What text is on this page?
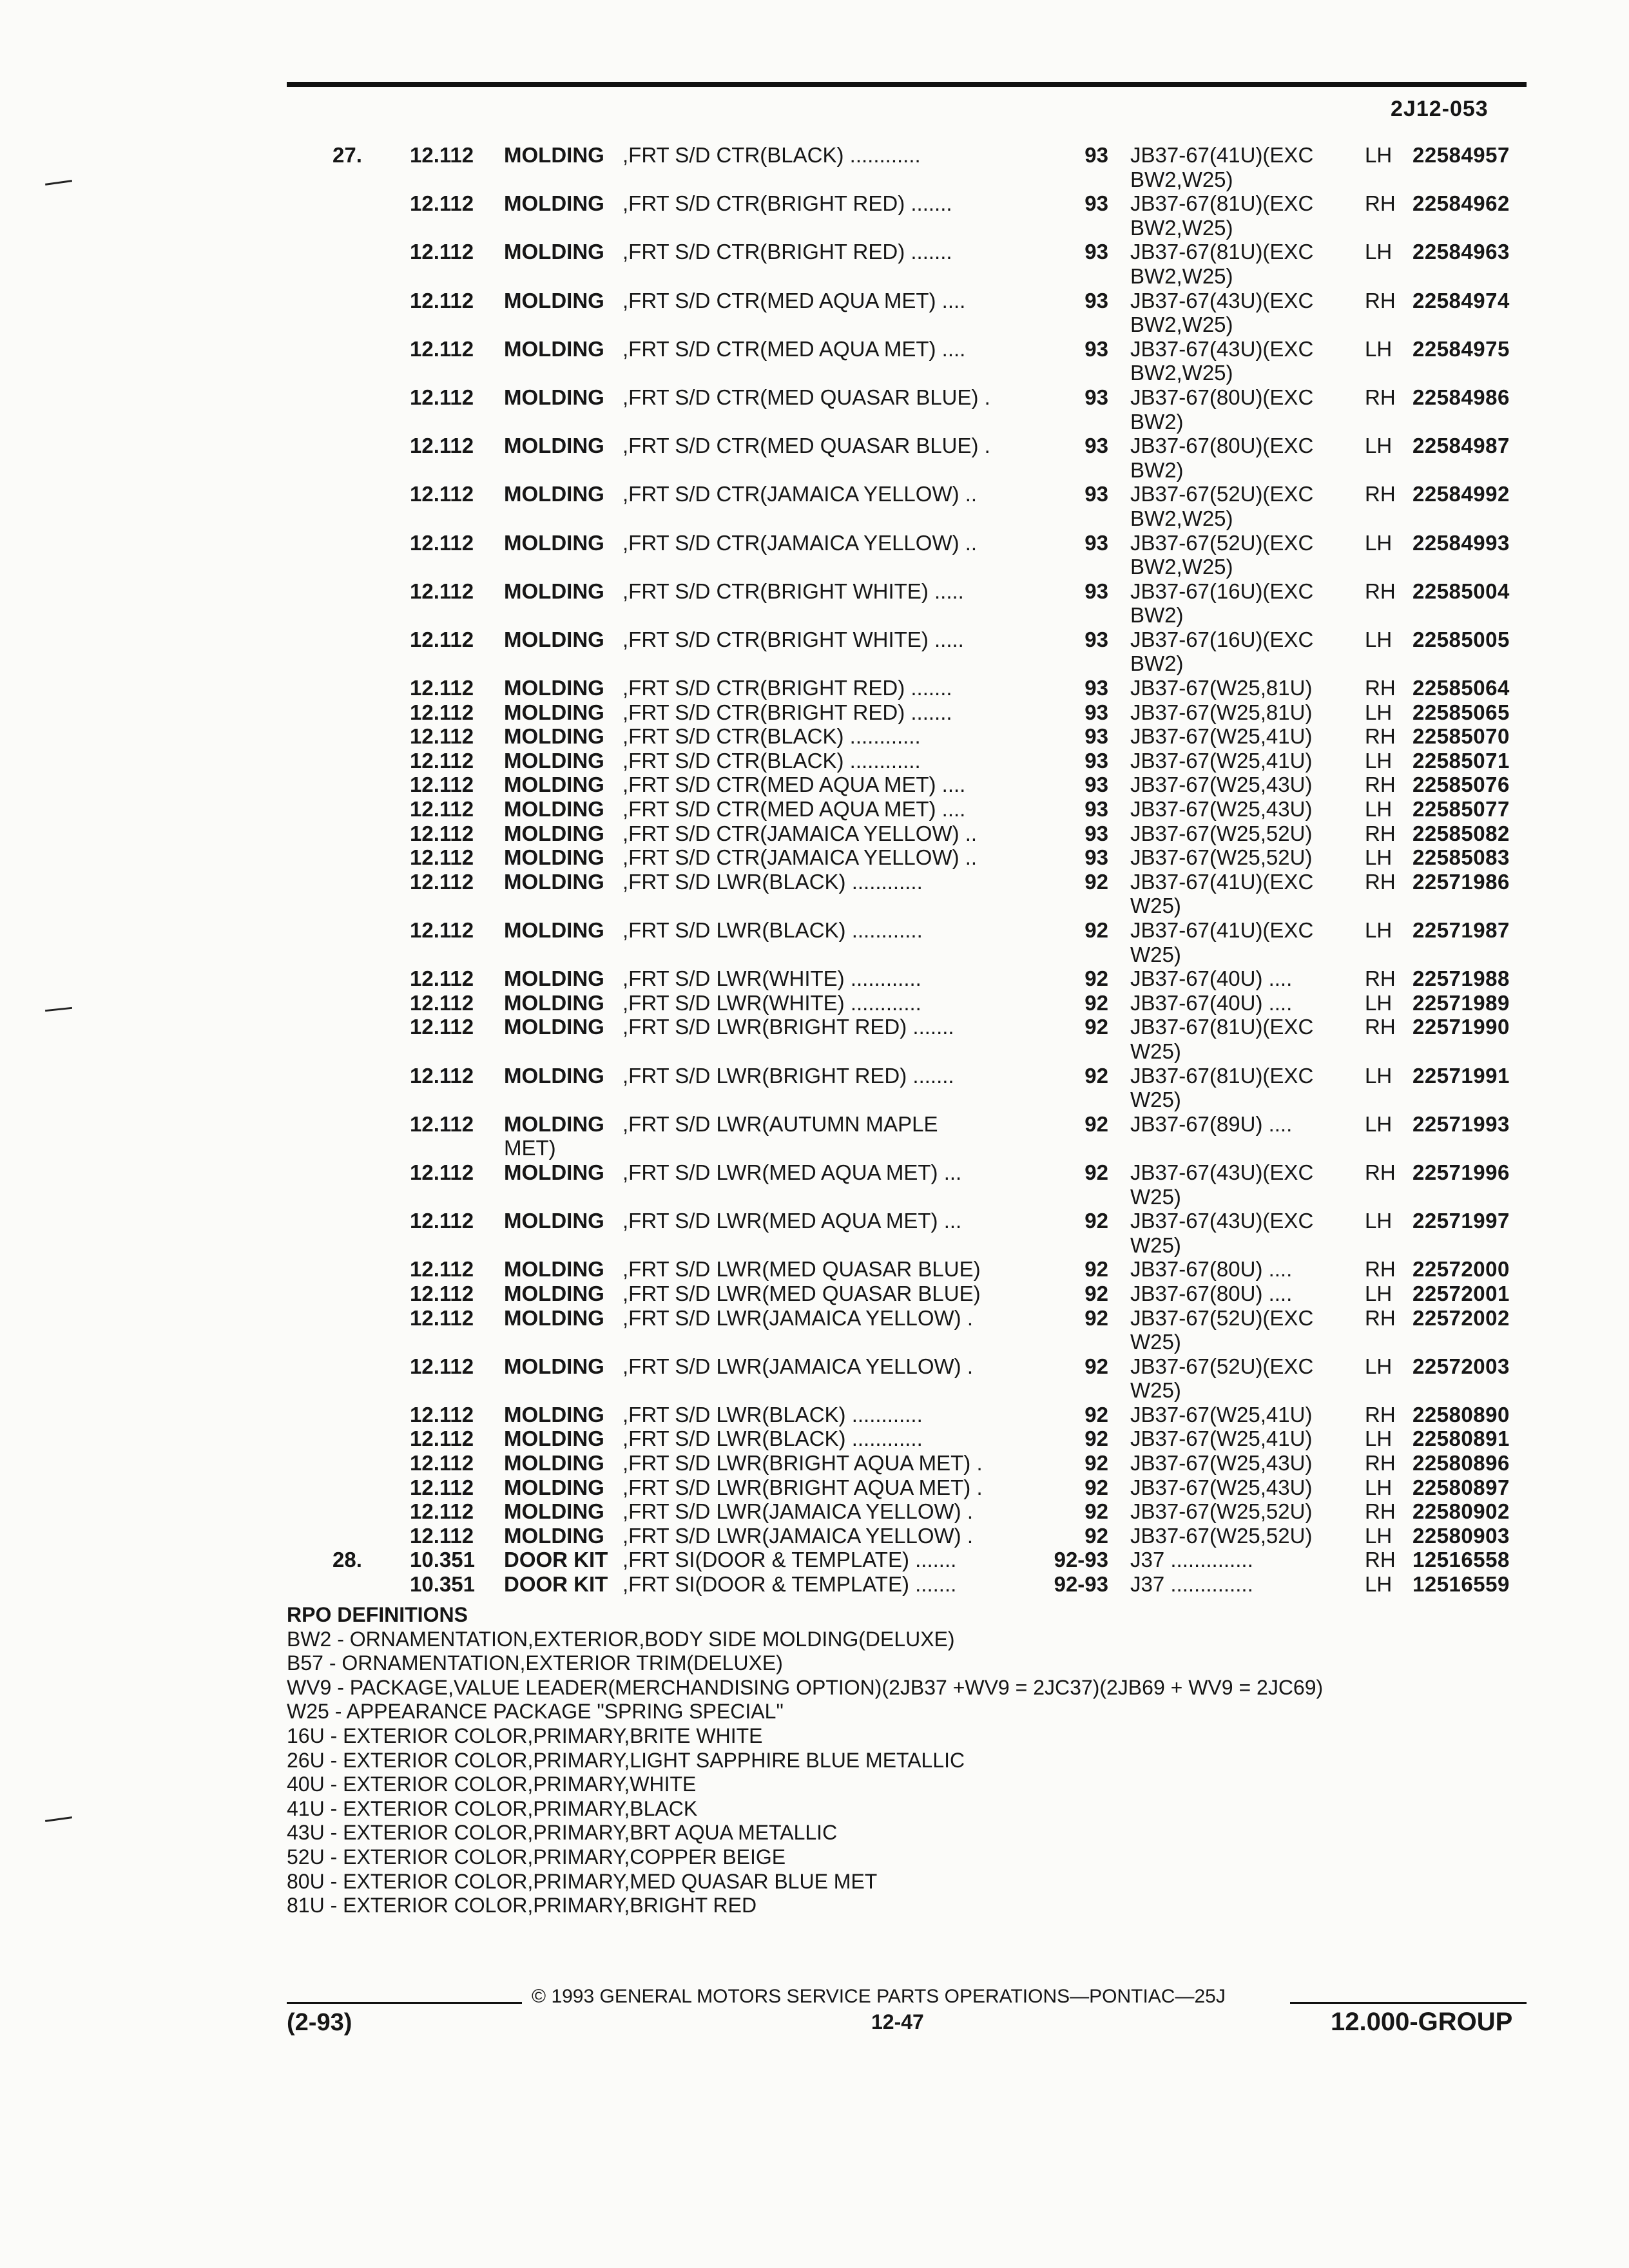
2J12-053
27. 12.112 MOLDING ,FRT S/D CTR(BLACK) ............	93 JB37-67(41U)(EXC	LH 22584957
BW2,W25)
12.112 MOLDING ,FRT S/D CTR(BRIGHT RED) .......	93 JB37-67(81U)(EXC	RH 22584962
BW2,W25)
12.112 MOLDING ,FRT S/D CTR(BRIGHT RED) .......	93 JB37-67(81U)(EXC	LH 22584963
BW2,W25)
12.112 MOLDING ,FRT S/D CTR(MED AQUA MET) ....	93 JB37-67(43U)(EXC	RH 22584974
BW2,W25)
12.112 MOLDING ,FRT S/D CTR(MED AQUA MET) ....	93 JB37-67(43U)(EXC	LH 22584975
BW2,W25)
12.112 MOLDING ,FRT S/D CTR(MED QUASAR BLUE) .	93 JB37-67(80U)(EXC	RH 22584986
BW2)
12.112 MOLDING ,FRT S/D CTR(MED QUASAR BLUE) .	93 JB37-67(80U)(EXC	LH 22584987
BW2)
12.112 MOLDING ,FRT S/D CTR(JAMAICA YELLOW) ..	93 JB37-67(52U)(EXC	RH 22584992
BW2,W25)
12.112 MOLDING ,FRT S/D CTR(JAMAICA YELLOW) ..	93 JB37-67(52U)(EXC	LH 22584993
BW2,W25)
12.112 MOLDING ,FRT S/D CTR(BRIGHT WHITE) .....	93 JB37-67(16U)(EXC	RH 22585004
BW2)
12.112 MOLDING ,FRT S/D CTR(BRIGHT WHITE) .....	93 JB37-67(16U)(EXC	LH 22585005
BW2)
12.112 MOLDING ,FRT S/D CTR(BRIGHT RED) .......	93 JB37-67(W25,81U)	RH 22585064
12.112 MOLDING ,FRT S/D CTR(BRIGHT RED) .......	93 JB37-67(W25,81U)	LH 22585065
12.112 MOLDING ,FRT S/D CTR(BLACK) ............	93 JB37-67(W25,41U)	RH 22585070
12.112 MOLDING ,FRT S/D CTR(BLACK) ............	93 JB37-67(W25,41U)	LH 22585071
12.112 MOLDING ,FRT S/D CTR(MED AQUA MET) ....	93 JB37-67(W25,43U)	RH 22585076
12.112 MOLDING ,FRT S/D CTR(MED AQUA MET) ....	93 JB37-67(W25,43U)	LH 22585077
12.112 MOLDING ,FRT S/D CTR(JAMAICA YELLOW) ..	93 JB37-67(W25,52U)	RH 22585082
12.112 MOLDING ,FRT S/D CTR(JAMAICA YELLOW) ..	93 JB37-67(W25,52U)	LH 22585083
12.112 MOLDING ,FRT S/D LWR(BLACK) ............	92 JB37-67(41U)(EXC	RH 22571986
W25)
12.112 MOLDING ,FRT S/D LWR(BLACK) ............	92 JB37-67(41U)(EXC	LH 22571987
W25)
12.112 MOLDING ,FRT S/D LWR(WHITE) ............	92 JB37-67(40U) ....	RH 22571988
12.112 MOLDING ,FRT S/D LWR(WHITE) ............	92 JB37-67(40U) ....	LH 22571989
12.112 MOLDING ,FRT S/D LWR(BRIGHT RED) .......	92 JB37-67(81U)(EXC	RH 22571990
W25)
12.112 MOLDING ,FRT S/D LWR(BRIGHT RED) .......	92 JB37-67(81U)(EXC	LH 22571991
W25)
12.112 MOLDING ,FRT S/D LWR(AUTUMN MAPLE	92 JB37-67(89U) ....	LH 22571993
MET)
12.112 MOLDING ,FRT S/D LWR(MED AQUA MET) ...	92 JB37-67(43U)(EXC	RH 22571996
W25)
12.112 MOLDING ,FRT S/D LWR(MED AQUA MET) ...	92 JB37-67(43U)(EXC	LH 22571997
W25)
12.112 MOLDING ,FRT S/D LWR(MED QUASAR BLUE)	92 JB37-67(80U) ....	RH 22572000
12.112 MOLDING ,FRT S/D LWR(MED QUASAR BLUE)	92 JB37-67(80U) ....	LH 22572001
12.112 MOLDING ,FRT S/D LWR(JAMAICA YELLOW) .	92 JB37-67(52U)(EXC	RH 22572002
W25)
12.112 MOLDING ,FRT S/D LWR(JAMAICA YELLOW) .	92 JB37-67(52U)(EXC	LH 22572003
W25)
12.112 MOLDING ,FRT S/D LWR(BLACK) ............	92 JB37-67(W25,41U)	RH 22580890
12.112 MOLDING ,FRT S/D LWR(BLACK) ............	92 JB37-67(W25,41U)	LH 22580891
12.112 MOLDING ,FRT S/D LWR(BRIGHT AQUA MET) .	92 JB37-67(W25,43U)	RH 22580896
12.112 MOLDING ,FRT S/D LWR(BRIGHT AQUA MET) .	92 JB37-67(W25,43U)	LH 22580897
12.112 MOLDING ,FRT S/D LWR(JAMAICA YELLOW) .	92 JB37-67(W25,52U)	RH 22580902
12.112 MOLDING ,FRT S/D LWR(JAMAICA YELLOW) .	92 JB37-67(W25,52U)	LH 22580903
28. 10.351 DOOR KIT ,FRT SI(DOOR & TEMPLATE) .......	92-93 J37 ..............	RH 12516558
10.351 DOOR KIT ,FRT SI(DOOR & TEMPLATE) .......	92-93 J37 ..............	LH 12516559
RPO DEFINITIONS
BW2 - ORNAMENTATION,EXTERIOR,BODY SIDE MOLDING(DELUXE)
B57 - ORNAMENTATION,EXTERIOR TRIM(DELUXE)
WV9 - PACKAGE,VALUE LEADER(MERCHANDISING OPTION)(2JB37 +WV9 = 2JC37)(2JB69 + WV9 = 2JC69)
W25 - APPEARANCE PACKAGE "SPRING SPECIAL"
16U - EXTERIOR COLOR,PRIMARY,BRITE WHITE
26U - EXTERIOR COLOR,PRIMARY,LIGHT SAPPHIRE BLUE METALLIC
40U - EXTERIOR COLOR,PRIMARY,WHITE
41U - EXTERIOR COLOR,PRIMARY,BLACK
43U - EXTERIOR COLOR,PRIMARY,BRT AQUA METALLIC
52U - EXTERIOR COLOR,PRIMARY,COPPER BEIGE
80U - EXTERIOR COLOR,PRIMARY,MED QUASAR BLUE MET
81U - EXTERIOR COLOR,PRIMARY,BRIGHT RED
© 1993 GENERAL MOTORS SERVICE PARTS OPERATIONS—PONTIAC—25J
(2-93)	12-47	12.000-GROUP
